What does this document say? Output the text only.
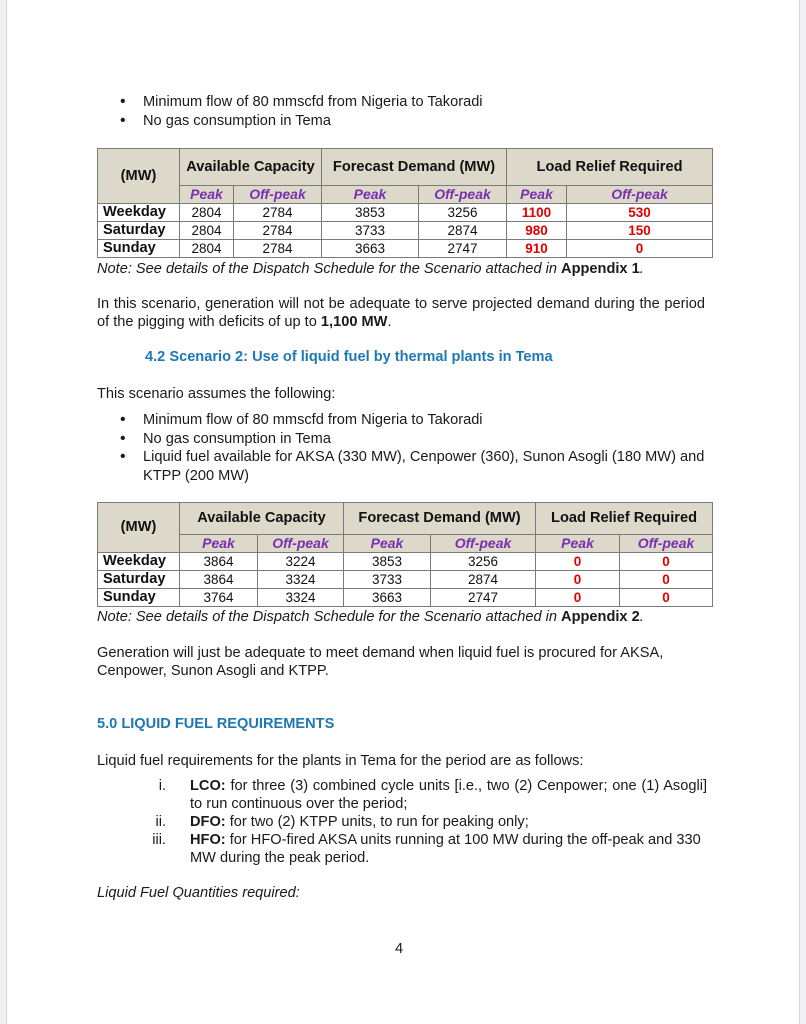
• Minimum flow of 80 mmscfd from Nigeria to Takoradi
• No gas consumption in Tema
(MW)	Available Capacity		Forecast Demand (MW)		Load Relief Required	
	Peak	Off-peak	Peak	Off-peak	Peak	Off-peak
Weekday	2804	2784	3853	3256	1100	530
Saturday	2804	2784	3733	2874	980	150
Sunday	2804	2784	3663	2747	910	0
Note: See details of the Dispatch Schedule for the Scenario attached in Appendix 1.
In this scenario, generation will not be adequate to serve projected demand during the period of the pigging with deficits of up to 1,100 MW.
4.2 Scenario 2: Use of liquid fuel by thermal plants in Tema
This scenario assumes the following:
• Minimum flow of 80 mmscfd from Nigeria to Takoradi
• No gas consumption in Tema
• Liquid fuel available for AKSA (330 MW), Cenpower (360), Sunon Asogli (180 MW) and KTPP (200 MW)
(MW)	Available Capacity		Forecast Demand (MW)		Load Relief Required	
	Peak	Off-peak	Peak	Off-peak	Peak	Off-peak
Weekday	3864	3224	3853	3256	0	0
Saturday	3864	3324	3733	2874	0	0
Sunday	3764	3324	3663	2747	0	0
Note: See details of the Dispatch Schedule for the Scenario attached in Appendix 2.
Generation will just be adequate to meet demand when liquid fuel is procured for AKSA, Cenpower, Sunon Asogli and KTPP.
5.0 LIQUID FUEL REQUIREMENTS
Liquid fuel requirements for the plants in Tema for the period are as follows:
i. LCO: for three (3) combined cycle units [i.e., two (2) Cenpower; one (1) Asogli] to run continuous over the period;
ii. DFO: for two (2) KTPP units, to run for peaking only;
iii. HFO: for HFO-fired AKSA units running at 100 MW during the off-peak and 330 MW during the peak period.
Liquid Fuel Quantities required:
4
